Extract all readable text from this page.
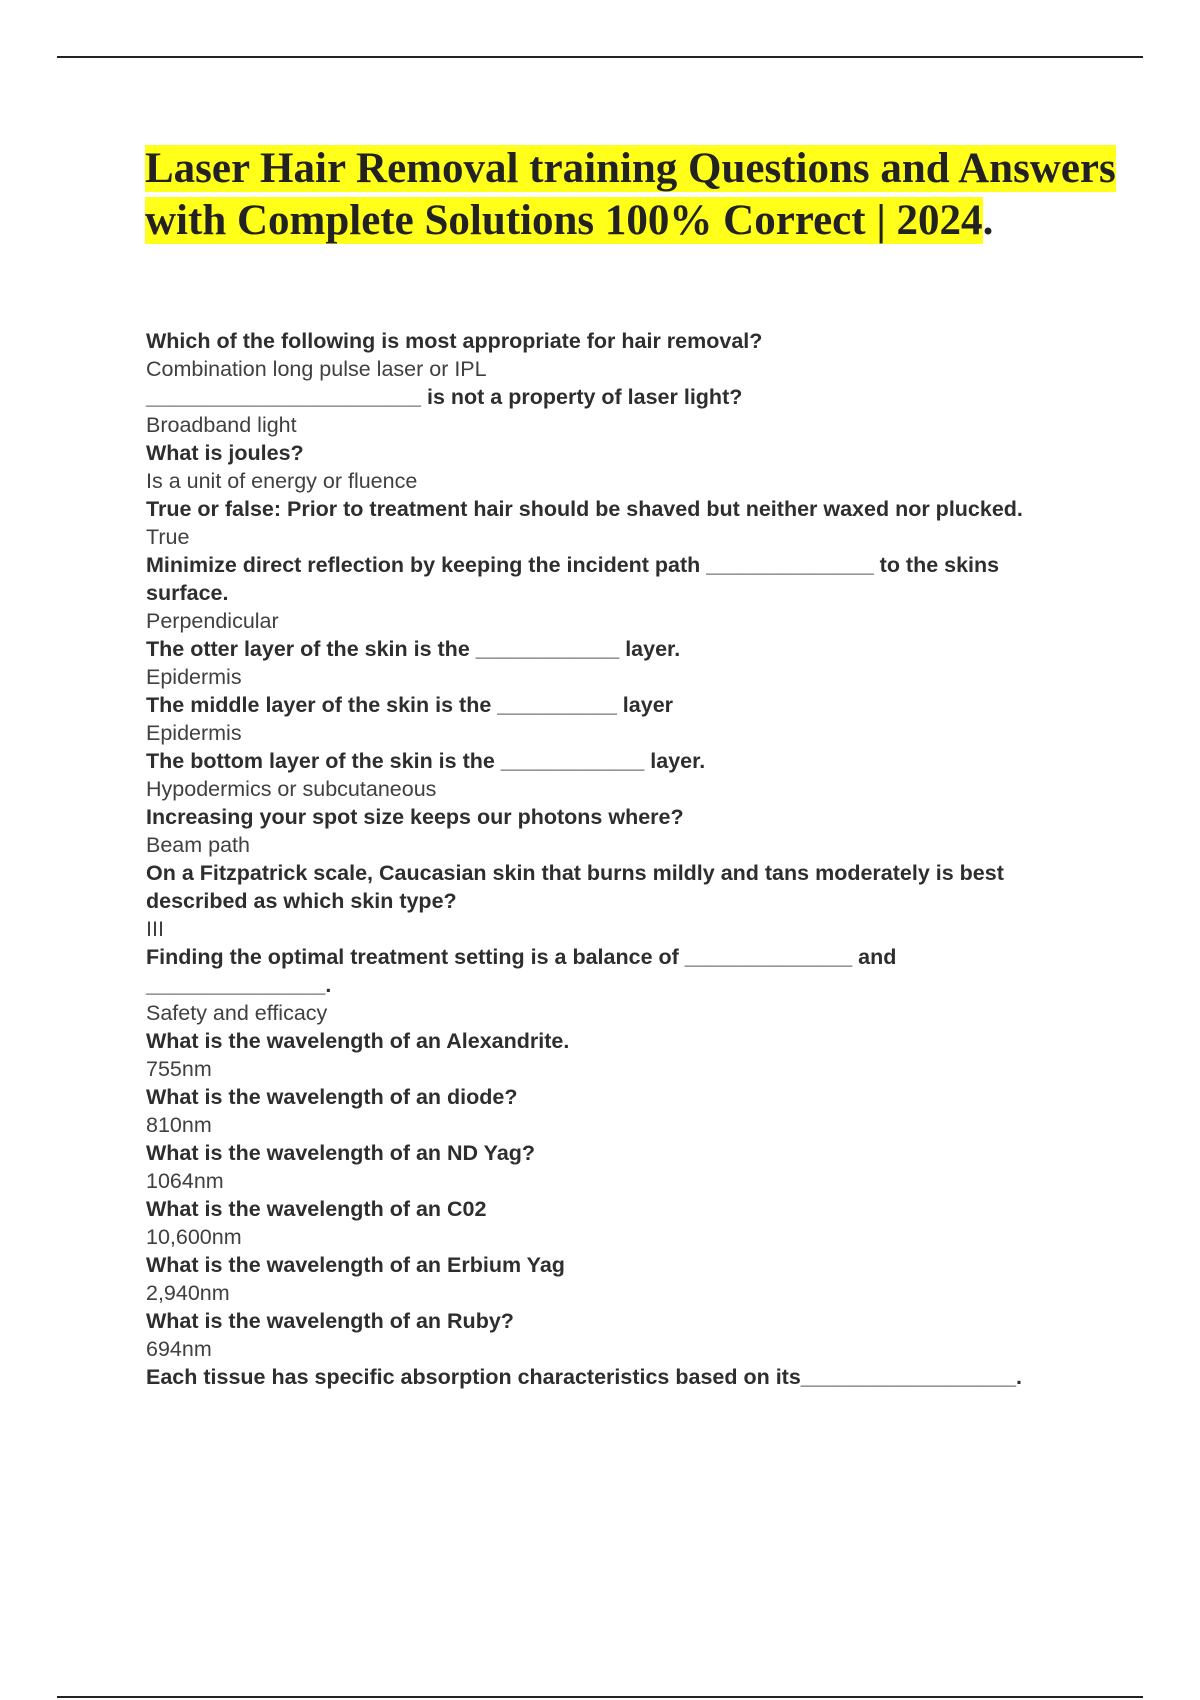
Laser Hair Removal training Questions and Answers with Complete Solutions 100% Correct | 2024.

Which of the following is most appropriate for hair removal?

Combination long pulse laser or IPL

_______________________ is not a property of laser light?

Broadband light

What is joules?

Is a unit of energy or fluence

True or false: Prior to treatment hair should be shaved but neither waxed nor plucked.

True

Minimize direct reflection by keeping the incident path ______________ to the skins surface.

Perpendicular

The otter layer of the skin is the ____________ layer.

Epidermis

The middle layer of the skin is the __________ layer

Epidermis

The bottom layer of the skin is the ____________ layer.

Hypodermics or subcutaneous

Increasing your spot size keeps our photons where?

Beam path

On a Fitzpatrick scale, Caucasian skin that burns mildly and tans moderately is best described as which skin type?

III

Finding the optimal treatment setting is a balance of ______________ and _______________.

Safety and efficacy

What is the wavelength of an Alexandrite.

755nm

What is the wavelength of an diode?

810nm

What is the wavelength of an ND Yag?

1064nm

What is the wavelength of an C02

10,600nm

What is the wavelength of an Erbium Yag

2,940nm

What is the wavelength of an Ruby?

694nm

Each tissue has specific absorption characteristics based on its__________________.
